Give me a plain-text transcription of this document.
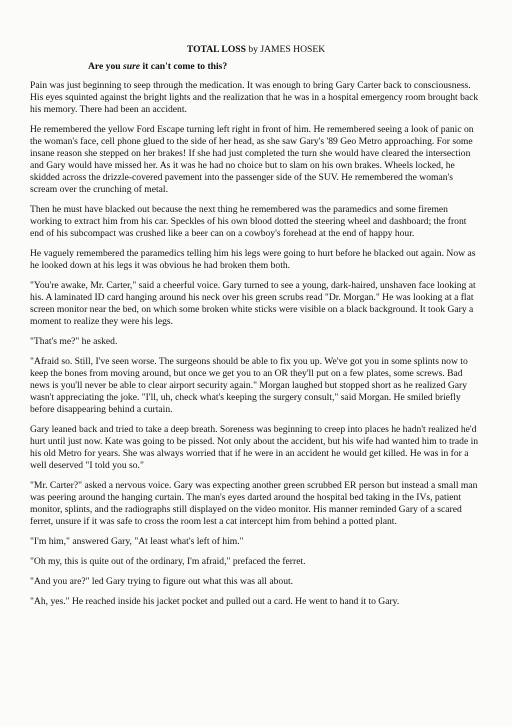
TOTAL LOSS by JAMES HOSEK
Are you sure it can't come to this?

Pain was just beginning to seep through the medication. It was enough to bring Gary Carter back to consciousness. His eyes squinted against the bright lights and the realization that he was in a hospital emergency room brought back his memory. There had been an accident.

He remembered the yellow Ford Escape turning left right in front of him. He remembered seeing a look of panic on the woman's face, cell phone glued to the side of her head, as she saw Gary's '89 Geo Metro approaching. For some insane reason she stepped on her brakes! If she had just completed the turn she would have cleared the intersection and Gary would have missed her. As it was he had no choice but to slam on his own brakes. Wheels locked, he skidded across the drizzle-covered pavement into the passenger side of the SUV. He remembered the woman's scream over the crunching of metal.

Then he must have blacked out because the next thing he remembered was the paramedics and some firemen working to extract him from his car. Speckles of his own blood dotted the steering wheel and dashboard; the front end of his subcompact was crushed like a beer can on a cowboy's forehead at the end of happy hour.

He vaguely remembered the paramedics telling him his legs were going to hurt before he blacked out again. Now as he looked down at his legs it was obvious he had broken them both.

"You're awake, Mr. Carter," said a cheerful voice. Gary turned to see a young, dark-haired, unshaven face looking at his. A laminated ID card hanging around his neck over his green scrubs read "Dr. Morgan." He was looking at a flat screen monitor near the bed, on which some broken white sticks were visible on a black background. It took Gary a moment to realize they were his legs.

"That's me?" he asked.

"Afraid so. Still, I've seen worse. The surgeons should be able to fix you up. We've got you in some splints now to keep the bones from moving around, but once we get you to an OR they'll put on a few plates, some screws. Bad news is you'll never be able to clear airport security again." Morgan laughed but stopped short as he realized Gary wasn't appreciating the joke. "I'll, uh, check what's keeping the surgery consult," said Morgan. He smiled briefly before disappearing behind a curtain.

Gary leaned back and tried to take a deep breath. Soreness was beginning to creep into places he hadn't realized he'd hurt until just now. Kate was going to be pissed. Not only about the accident, but his wife had wanted him to trade in his old Metro for years. She was always worried that if he were in an accident he would get killed. He was in for a well deserved "I told you so."

"Mr. Carter?" asked a nervous voice. Gary was expecting another green scrubbed ER person but instead a small man was peering around the hanging curtain. The man's eyes darted around the hospital bed taking in the IVs, patient monitor, splints, and the radiographs still displayed on the video monitor. His manner reminded Gary of a scared ferret, unsure if it was safe to cross the room lest a cat intercept him from behind a potted plant.

"I'm him," answered Gary, "At least what's left of him."

"Oh my, this is quite out of the ordinary, I'm afraid," prefaced the ferret.

"And you are?" led Gary trying to figure out what this was all about.

"Ah, yes." He reached inside his jacket pocket and pulled out a card. He went to hand it to Gary.
